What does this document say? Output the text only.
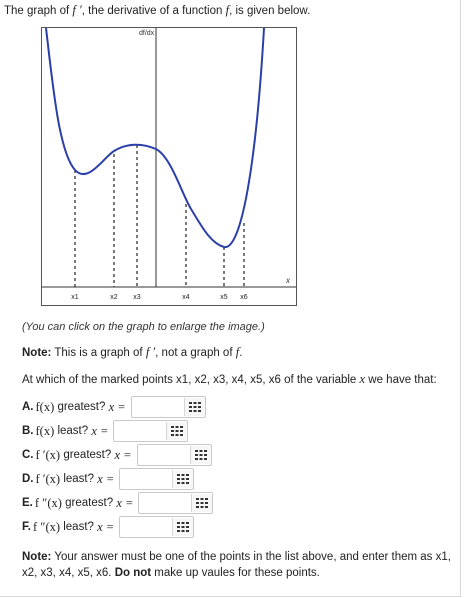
The graph of f ′, the derivative of a function f, is given below.
df/dx
x
x1	x2 x3	x4	x5 x6
(You can click on the graph to enlarge the image.)
Note: This is a graph of f ′, not a graph of f.
At which of the marked points x1, x2, x3, x4, x5, x6 of the variable x we have that:
A. f(x)
greatest?
x =
B. f(x)
least?
x =
C. f ′(x)
greatest?
x =
D. f ′(x)
least?
x =
E. f ″(x)
greatest?
x =
F. f ″(x)
least?
x =
Note: Your answer must be one of the points in the list above, and enter them as x1, x2, x3, x4, x5, x6. Do not make up vaules for these points.
